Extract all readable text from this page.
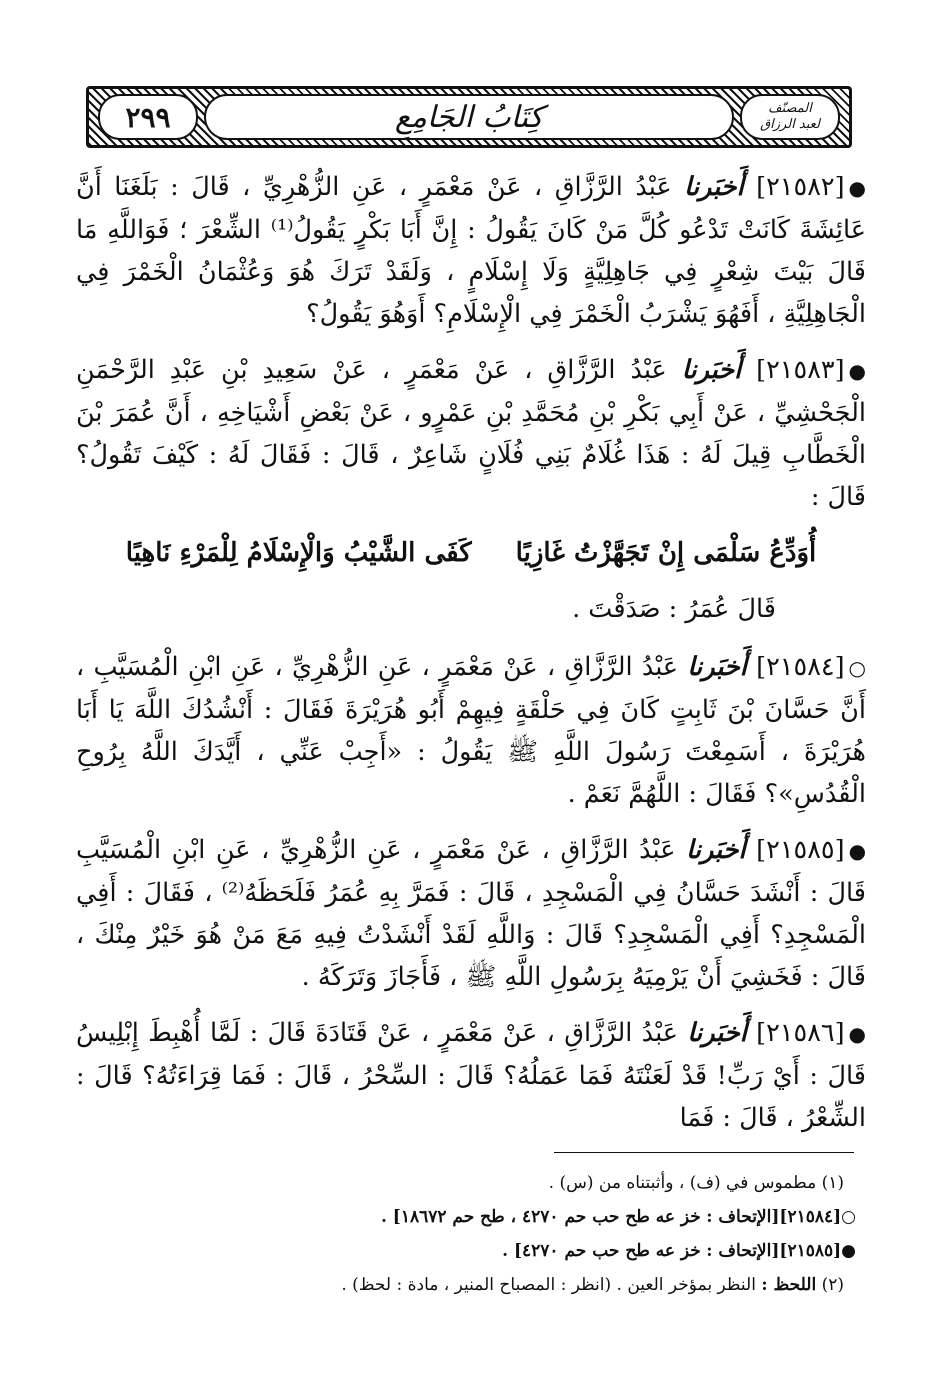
٢٩٩	كِتَابُ الجَامِعِ	المصنّف
لعبد الرزاق

●[٢١٥٨٢] أَخبَرنا عَبْدُ الرَّزَّاقِ ، عَنْ مَعْمَرٍ ، عَنِ الزُّهْرِيِّ ، قَالَ : بَلَغَنَا أَنَّ عَائِشَةَ كَانَتْ تَدْعُو كُلَّ مَنْ كَانَ يَقُولُ : إِنَّ أَبَا بَكْرٍ يَقُولُ⁽¹⁾ الشِّعْرَ ؛ فَوَاللَّهِ مَا قَالَ بَيْتَ شِعْرٍ فِي جَاهِلِيَّةٍ وَلَا إِسْلَامٍ ، وَلَقَدْ تَرَكَ هُوَ وَعُثْمَانُ الْخَمْرَ فِي الْجَاهِلِيَّةِ ، أَفَهُوَ يَشْرَبُ الْخَمْرَ فِي الْإِسْلَامِ؟ أَوَهُوَ يَقُولُ؟

●[٢١٥٨٣] أَخبَرنا عَبْدُ الرَّزَّاقِ ، عَنْ مَعْمَرٍ ، عَنْ سَعِيدِ بْنِ عَبْدِ الرَّحْمَنِ الْجَحْشِيِّ ، عَنْ أَبِي بَكْرِ بْنِ مُحَمَّدِ بْنِ عَمْرٍو ، عَنْ بَعْضِ أَشْيَاخِهِ ، أَنَّ عُمَرَ بْنَ الْخَطَّابِ قِيلَ لَهُ : هَذَا غُلَامٌ بَنِي فُلَانٍ شَاعِرٌ ، قَالَ : فَقَالَ لَهُ : كَيْفَ تَقُولُ؟ قَالَ :

أُوَدِّعُ سَلْمَى إِنْ تَجَهَّزْتُ غَازِيًا
كَفَى الشَّيْبُ وَالْإِسْلَامُ لِلْمَرْءِ نَاهِيًا

قَالَ عُمَرُ : صَدَقْتَ .

○[٢١٥٨٤] أَخبَرنا عَبْدُ الرَّزَّاقِ ، عَنْ مَعْمَرٍ ، عَنِ الزُّهْرِيِّ ، عَنِ ابْنِ الْمُسَيَّبِ ، أَنَّ حَسَّانَ بْنَ ثَابِتٍ كَانَ فِي حَلْقَةٍ فِيهِمْ أَبُو هُرَيْرَةَ فَقَالَ : أَنْشُدُكَ اللَّهَ يَا أَبَا هُرَيْرَةَ ، أَسَمِعْتَ رَسُولَ اللَّهِ ﷺ يَقُولُ : «أَجِبْ عَنِّي ، أَيَّدَكَ اللَّهُ بِرُوحِ الْقُدُسِ»؟ فَقَالَ : اللَّهُمَّ نَعَمْ .

●[٢١٥٨٥] أَخبَرنا عَبْدُ الرَّزَّاقِ ، عَنْ مَعْمَرٍ ، عَنِ الزُّهْرِيِّ ، عَنِ ابْنِ الْمُسَيَّبِ قَالَ : أَنْشَدَ حَسَّانُ فِي الْمَسْجِدِ ، قَالَ : فَمَرَّ بِهِ عُمَرُ فَلَحَظَهُ⁽²⁾ ، فَقَالَ : أَفِي الْمَسْجِدِ؟ أَفِي الْمَسْجِدِ؟ قَالَ : وَاللَّهِ لَقَدْ أَنْشَدْتُ فِيهِ مَعَ مَنْ هُوَ خَيْرٌ مِنْكَ ، قَالَ : فَخَشِيَ أَنْ يَرْمِيَهُ بِرَسُولِ اللَّهِ ﷺ ، فَأَجَازَ وَتَرَكَهُ .

●[٢١٥٨٦] أَخبَرنا عَبْدُ الرَّزَّاقِ ، عَنْ مَعْمَرٍ ، عَنْ قَتَادَةَ قَالَ : لَمَّا أُهْبِطَ إِبْلِيسُ قَالَ : أَيْ رَبِّ! قَدْ لَعَنْتَهُ فَمَا عَمَلُهُ؟ قَالَ : السِّحْرُ ، قَالَ : فَمَا قِرَاءَتُهُ؟ قَالَ : الشِّعْرُ ، قَالَ : فَمَا

(١) مطموس في (ف) ، وأثبتناه من (س) .

○[٢١٥٨٤][الإتحاف : خز عه طح حب حم ٤٢٧٠ ، طح حم ١٨٦٧٢] .

●[٢١٥٨٥][الإتحاف : خز عه طح حب حم ٤٢٧٠] .

(٢) اللحظ : النظر بمؤخر العين . (انظر : المصباح المنير ، مادة : لحظ) .
